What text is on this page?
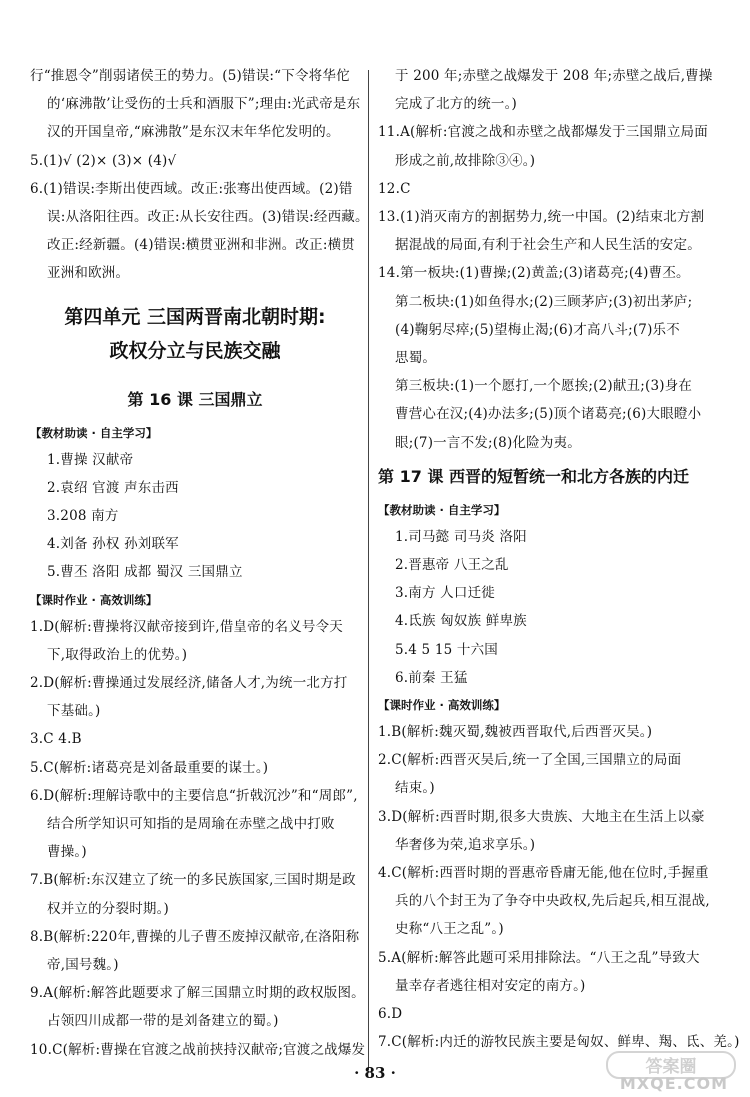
行“推恩令”削弱诸侯王的势力。(5)错误:“下令将华佗
的‘麻沸散’让受伤的士兵和酒服下”;理由:光武帝是东
汉的开国皇帝,“麻沸散”是东汉末年华佗发明的。
5.(1)√ (2)× (3)× (4)√
6.(1)错误:李斯出使西域。改正:张骞出使西域。(2)错
误:从洛阳往西。改正:从长安往西。(3)错误:经西藏。
改正:经新疆。(4)错误:横贯亚洲和非洲。改正:横贯
亚洲和欧洲。
第四单元 三国两晋南北朝时期:
政权分立与民族交融
第 16 课 三国鼎立
【教材助读 · 自主学习】
1.曹操 汉献帝
2.袁绍 官渡 声东击西
3.208 南方
4.刘备 孙权 孙刘联军
5.曹丕 洛阳 成都 蜀汉 三国鼎立
【课时作业 · 高效训练】
1.D(解析:曹操将汉献帝接到许,借皇帝的名义号令天
下,取得政治上的优势。)
2.D(解析:曹操通过发展经济,储备人才,为统一北方打
下基础。)
3.C 4.B
5.C(解析:诸葛亮是刘备最重要的谋士。)
6.D(解析:理解诗歌中的主要信息“折戟沉沙”和“周郎”,
结合所学知识可知指的是周瑜在赤壁之战中打败
曹操。)
7.B(解析:东汉建立了统一的多民族国家,三国时期是政
权并立的分裂时期。)
8.B(解析:220年,曹操的儿子曹丕废掉汉献帝,在洛阳称
帝,国号魏。)
9.A(解析:解答此题要求了解三国鼎立时期的政权版图。
占领四川成都一带的是刘备建立的蜀。)
10.C(解析:曹操在官渡之战前挟持汉献帝;官渡之战爆发
于 200 年;赤壁之战爆发于 208 年;赤壁之战后,曹操
完成了北方的统一。)
11.A(解析:官渡之战和赤壁之战都爆发于三国鼎立局面
形成之前,故排除③④。)
12.C
13.(1)消灭南方的割据势力,统一中国。(2)结束北方割
据混战的局面,有利于社会生产和人民生活的安定。
14.第一板块:(1)曹操;(2)黄盖;(3)诸葛亮;(4)曹丕。
第二板块:(1)如鱼得水;(2)三顾茅庐;(3)初出茅庐;
(4)鞠躬尽瘁;(5)望梅止渴;(6)才高八斗;(7)乐不
思蜀。
第三板块:(1)一个愿打,一个愿挨;(2)献丑;(3)身在
曹营心在汉;(4)办法多;(5)顶个诸葛亮;(6)大眼瞪小
眼;(7)一言不发;(8)化险为夷。
第 17 课 西晋的短暂统一和北方各族的内迁
【教材助读 · 自主学习】
1.司马懿 司马炎 洛阳
2.晋惠帝 八王之乱
3.南方 人口迁徙
4.氐族 匈奴族 鲜卑族
5.4 5 15 十六国
6.前秦 王猛
【课时作业 · 高效训练】
1.B(解析:魏灭蜀,魏被西晋取代,后西晋灭吴。)
2.C(解析:西晋灭吴后,统一了全国,三国鼎立的局面
结束。)
3.D(解析:西晋时期,很多大贵族、大地主在生活上以豪
华奢侈为荣,追求享乐。)
4.C(解析:西晋时期的晋惠帝昏庸无能,他在位时,手握重
兵的八个封王为了争夺中央政权,先后起兵,相互混战,
史称“八王之乱”。)
5.A(解析:解答此题可采用排除法。“八王之乱”导致大
量幸存者逃往相对安定的南方。)
6.D
7.C(解析:内迁的游牧民族主要是匈奴、鲜卑、羯、氐、羌。)
· 83 ·	答案圈
MXQE.COM
